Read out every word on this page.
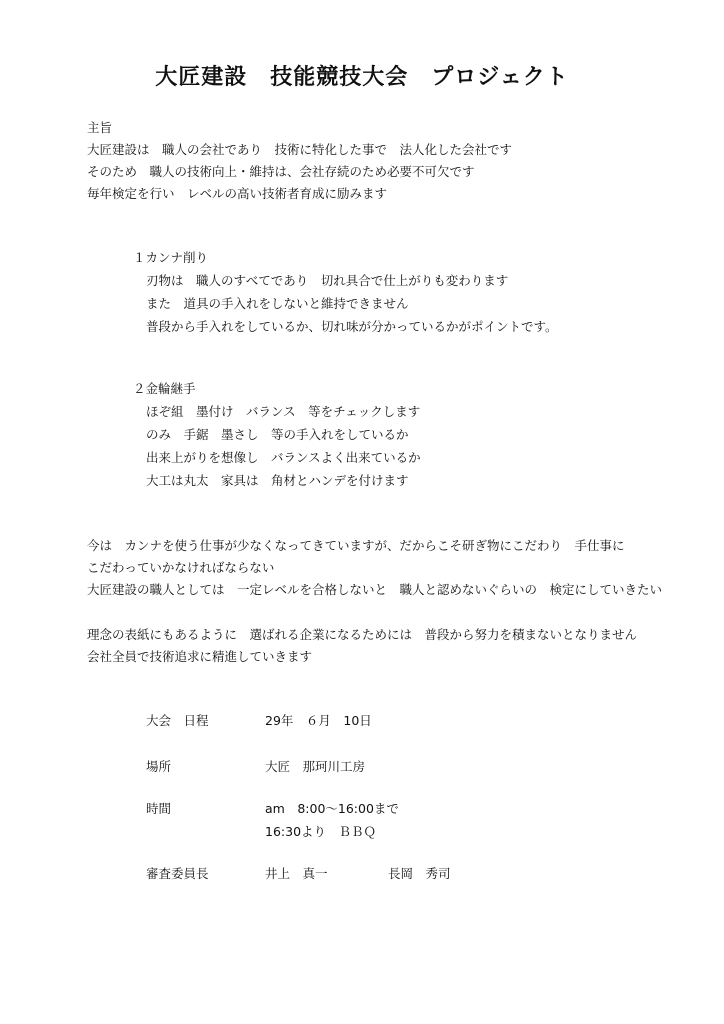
大匠建設　技能競技大会　プロジェクト
主旨
大匠建設は　職人の会社であり　技術に特化した事で　法人化した会社です
そのため　職人の技術向上・維持は、会社存続のため必要不可欠です
毎年検定を行い　レベルの高い技術者育成に励みます
１カンナ削り
刃物は　職人のすべてであり　切れ具合で仕上がりも変わります
また　道具の手入れをしないと維持できません
普段から手入れをしているか、切れ味が分かっているかがポイントです。
２金輪継手
ほぞ組　墨付け　バランス　等をチェックします
のみ　手鋸　墨さし　等の手入れをしているか
出来上がりを想像し　バランスよく出来ているか
大工は丸太　家具は　角材とハンデを付けます
今は　カンナを使う仕事が少なくなってきていますが、だからこそ研ぎ物にこだわり　手仕事に
こだわっていかなければならない
大匠建設の職人としては　一定レベルを合格しないと　職人と認めないぐらいの　検定にしていきたい
理念の表紙にもあるように　選ばれる企業になるためには　普段から努力を積まないとなりません
会社全員で技術追求に精進していきます
大会　日程	29年　６月　10日
場所	大匠　那珂川工房
時間	am　8:00～16:00まで
16:30より　ＢＢＱ
審査委員長	井上　真一	長岡　秀司
